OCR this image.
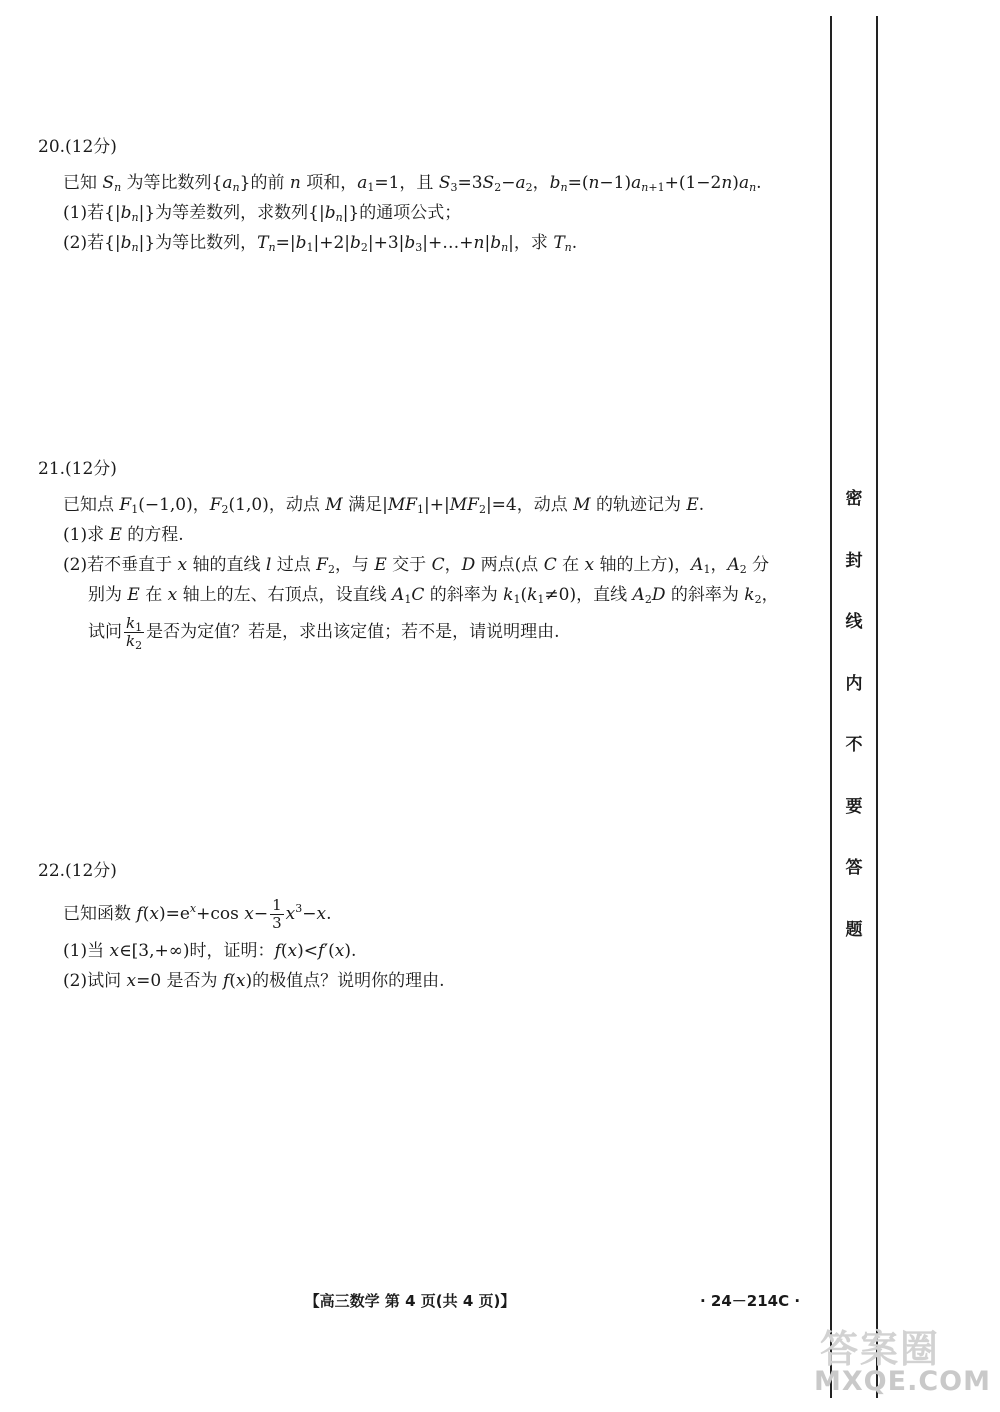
20.(12分)
已知 $S_n$ 为等比数列$\{a_n\}$的前 n 项和，$a_1=1$，且 $S_3=3S_2-a_2$，$b_n=(n-1)a_{n+1}+(1-2n)a_n$.
(1)若$\{|b_n|\}$为等差数列，求数列$\{|b_n|\}$的通项公式；
(2)若$\{|b_n|\}$为等比数列，$T_n=|b_1|+2|b_2|+3|b_3|+\dots+n|b_n|$，求 $T_n$.
21.(12分)
已知点 $F_1(-1,0)$，$F_2(1,0)$，动点 M 满足$|MF_1|+|MF_2|=4$，动点 M 的轨迹记为 E.
(1)求 E 的方程.
(2)若不垂直于 x 轴的直线 l 过点 $F_2$，与 E 交于 C，D 两点(点 C 在 x 轴的上方)，$A_1$，$A_2$ 分
别为 E 在 x 轴上的左、右顶点，设直线 $A_1C$ 的斜率为 $k_1(k_1\ne 0)$，直线 $A_2D$ 的斜率为 $k_2$，
试问 $\frac{k_1}{k_2}$ 是否为定值？若是，求出该定值；若不是，请说明理由.
22.(12分)
已知函数 $f(x)=e^x+\cos$ $x- \frac{1}{3} x^3-x$.
(1)当 x∈[3,+∞)时，证明：f(x)<f′(x).
(2)试问 x=0 是否为 f(x)的极值点？说明你的理由.
密
封
线
内
不
要
答
题
【高三数学 第 4 页(共 4 页)】	· 24－214C ·
答案圈
MXQE.COM
